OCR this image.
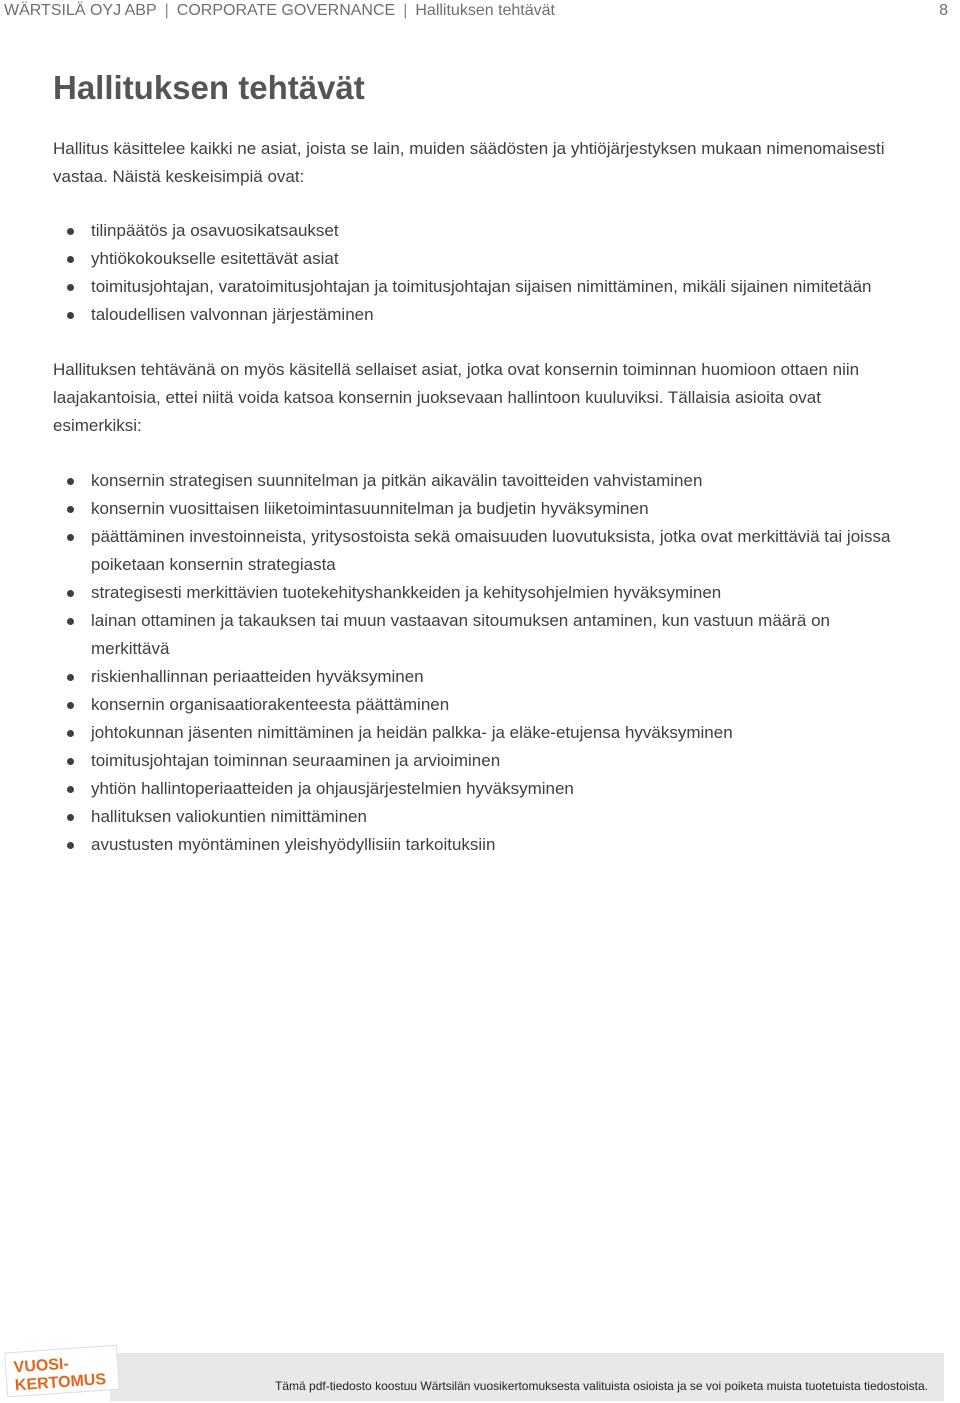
WÄRTSILÄ OYJ ABP | CORPORATE GOVERNANCE | Hallituksen tehtävät	8
Hallituksen tehtävät

Hallitus käsittelee kaikki ne asiat, joista se lain, muiden säädösten ja yhtiöjärjestyksen mukaan nimenomaisesti vastaa. Näistä keskeisimpiä ovat:

tilinpäätös ja osavuosikatsaukset
yhtiökokoukselle esitettävät asiat
toimitusjohtajan, varatoimitusjohtajan ja toimitusjohtajan sijaisen nimittäminen, mikäli sijainen nimitetään
taloudellisen valvonnan järjestäminen

Hallituksen tehtävänä on myös käsitellä sellaiset asiat, jotka ovat konsernin toiminnan huomioon ottaen niin laajakantoisia, ettei niitä voida katsoa konsernin juoksevaan hallintoon kuuluviksi. Tällaisia asioita ovat esimerkiksi:

konsernin strategisen suunnitelman ja pitkän aikavälin tavoitteiden vahvistaminen
konsernin vuosittaisen liiketoimintasuunnitelman ja budjetin hyväksyminen
päättäminen investoinneista, yritysostoista sekä omaisuuden luovutuksista, jotka ovat merkittäviä tai joissa poiketaan konsernin strategiasta
strategisesti merkittävien tuotekehityshankkeiden ja kehitysohjelmien hyväksyminen
lainan ottaminen ja takauksen tai muun vastaavan sitoumuksen antaminen, kun vastuun määrä on merkittävä
riskienhallinnan periaatteiden hyväksyminen
konsernin organisaatiorakenteesta päättäminen
johtokunnan jäsenten nimittäminen ja heidän palkka- ja eläke-etujensa hyväksyminen
toimitusjohtajan toiminnan seuraaminen ja arvioiminen
yhtiön hallintoperiaatteiden ja ohjausjärjestelmien hyväksyminen
hallituksen valiokuntien nimittäminen
avustusten myöntäminen yleishyödyllisiin tarkoituksiin
VUOSI-
KERTOMUS	Tämä pdf-tiedosto koostuu Wärtsilän vuosikertomuksesta valituista osioista ja se voi poiketa muista tuotetuista tiedostoista.
